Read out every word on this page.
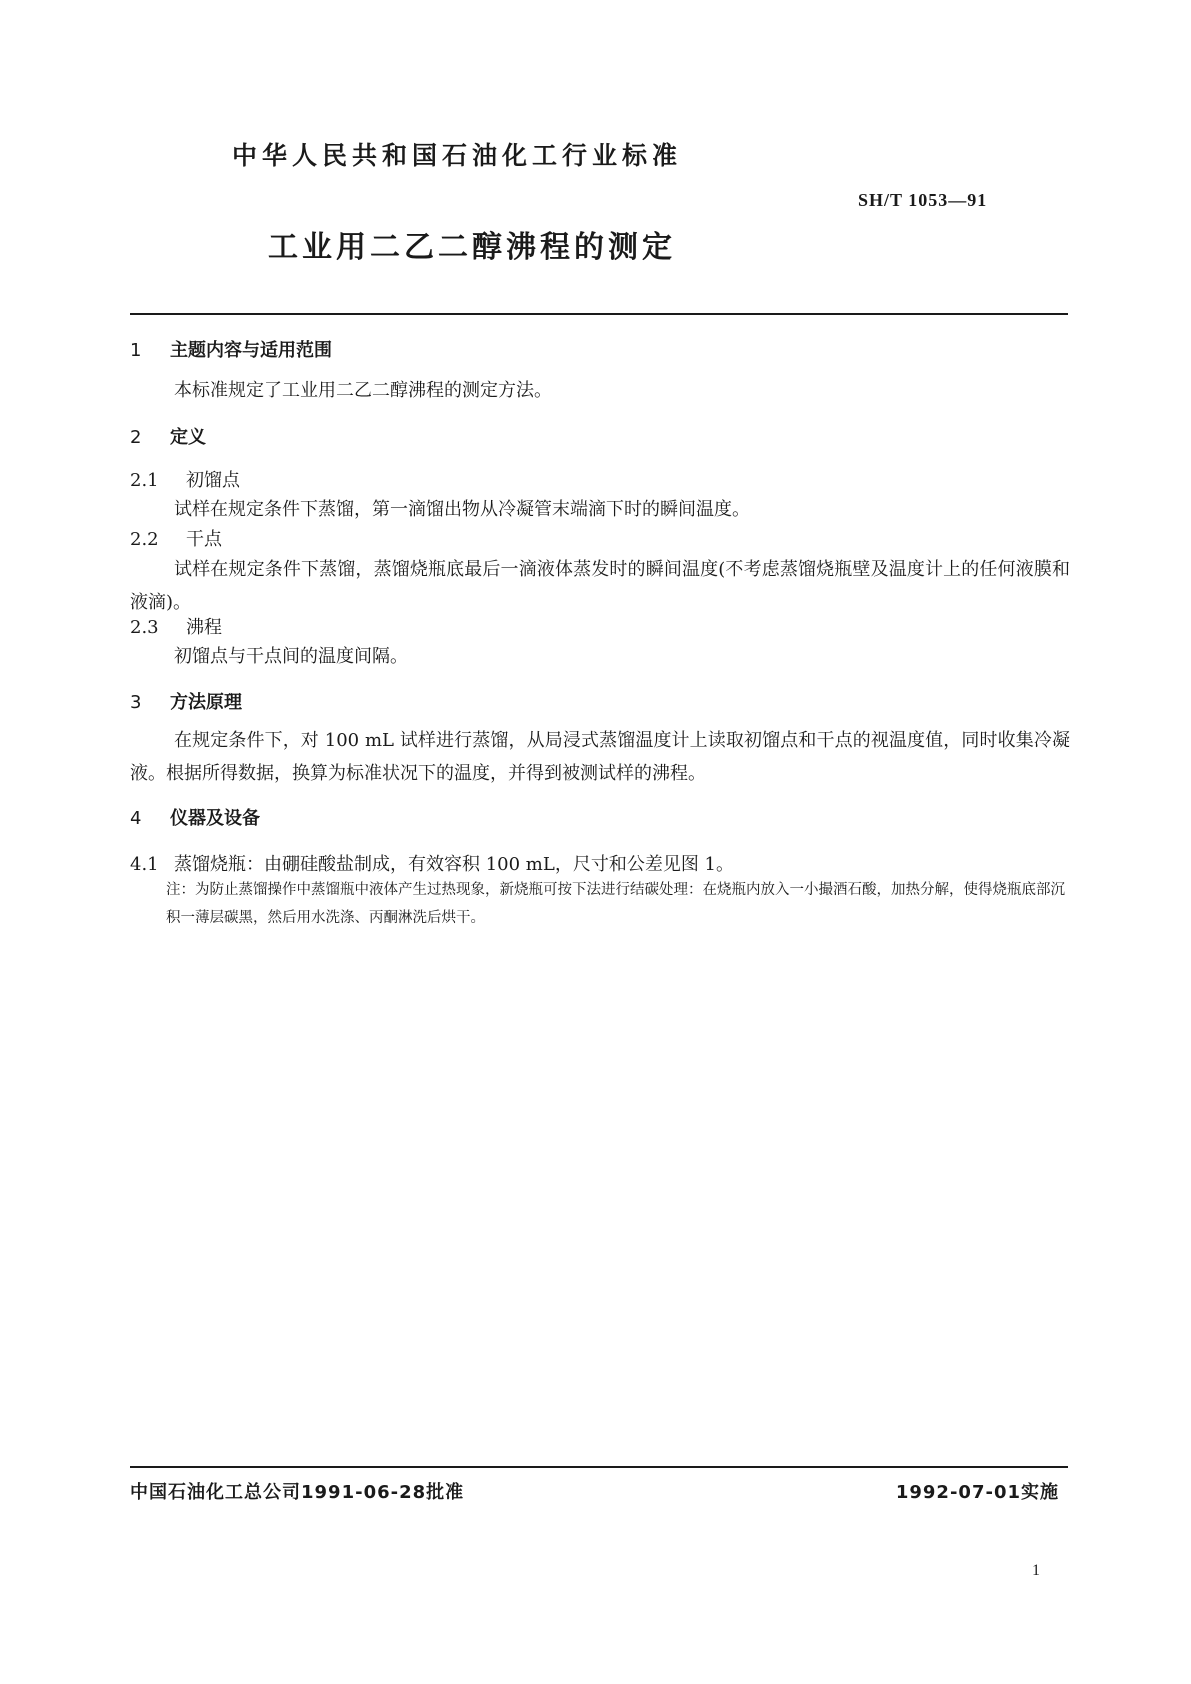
中华人民共和国石油化工行业标准
SH/T 1053—91
工业用二乙二醇沸程的测定
1 主题内容与适用范围
本标准规定了工业用二乙二醇沸程的测定方法。
2 定义
2.1 初馏点
试样在规定条件下蒸馏，第一滴馏出物从冷凝管末端滴下时的瞬间温度。
2.2 干点
试样在规定条件下蒸馏，蒸馏烧瓶底最后一滴液体蒸发时的瞬间温度(不考虑蒸馏烧瓶壁及温度计上的任何液膜和液滴)。
2.3 沸程
初馏点与干点间的温度间隔。
3 方法原理
在规定条件下，对 100 mL 试样进行蒸馏，从局浸式蒸馏温度计上读取初馏点和干点的视温度值，同时收集冷凝液。根据所得数据，换算为标准状况下的温度，并得到被测试样的沸程。
4 仪器及设备
4.1 蒸馏烧瓶：由硼硅酸盐制成，有效容积 100 mL，尺寸和公差见图 1。
注：为防止蒸馏操作中蒸馏瓶中液体产生过热现象，新烧瓶可按下法进行结碳处理：在烧瓶内放入一小撮酒石酸，加热分解，使得烧瓶底部沉积一薄层碳黑，然后用水洗涤、丙酮淋洗后烘干。
中国石油化工总公司1991-06-28批准	1992-07-01实施
1
